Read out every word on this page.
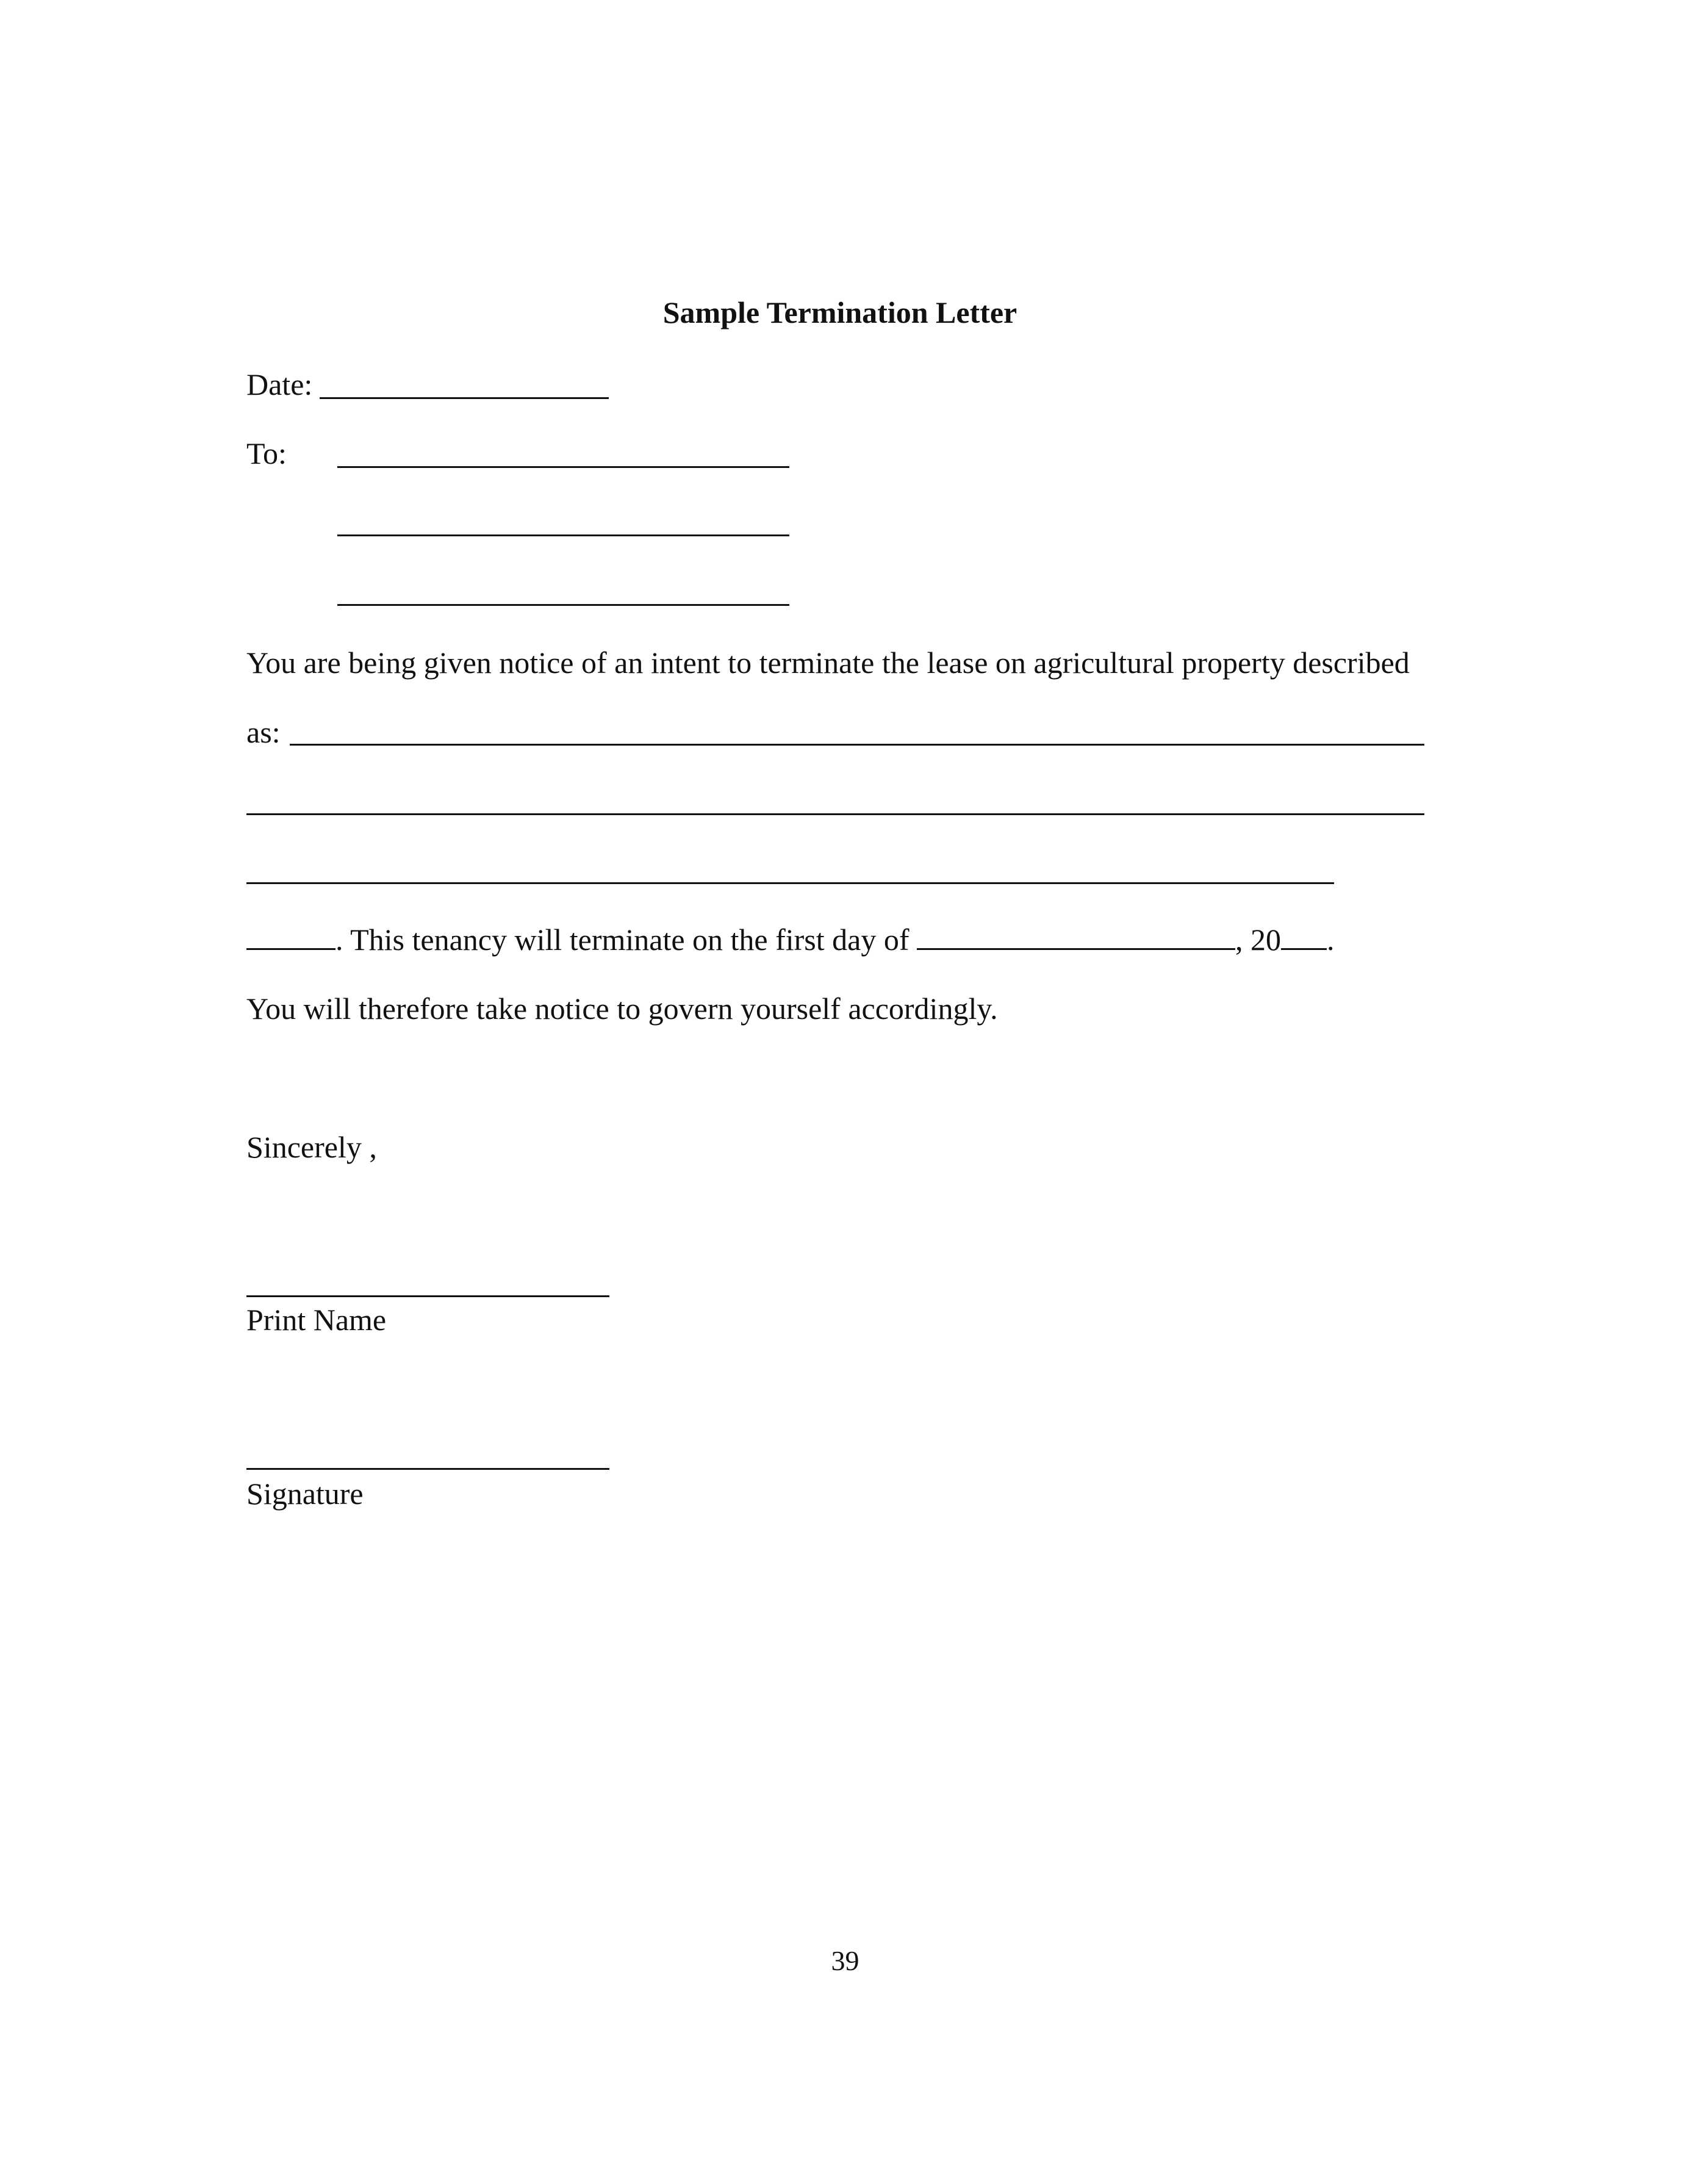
Sample Termination Letter
Date:
To:
You are being given notice of an intent to terminate the lease on agricultural property described
as:
. This tenancy will terminate on the first day of	, 20 .
You will therefore take notice to govern yourself accordingly.
Sincerely ,
Print Name
Signature
39
